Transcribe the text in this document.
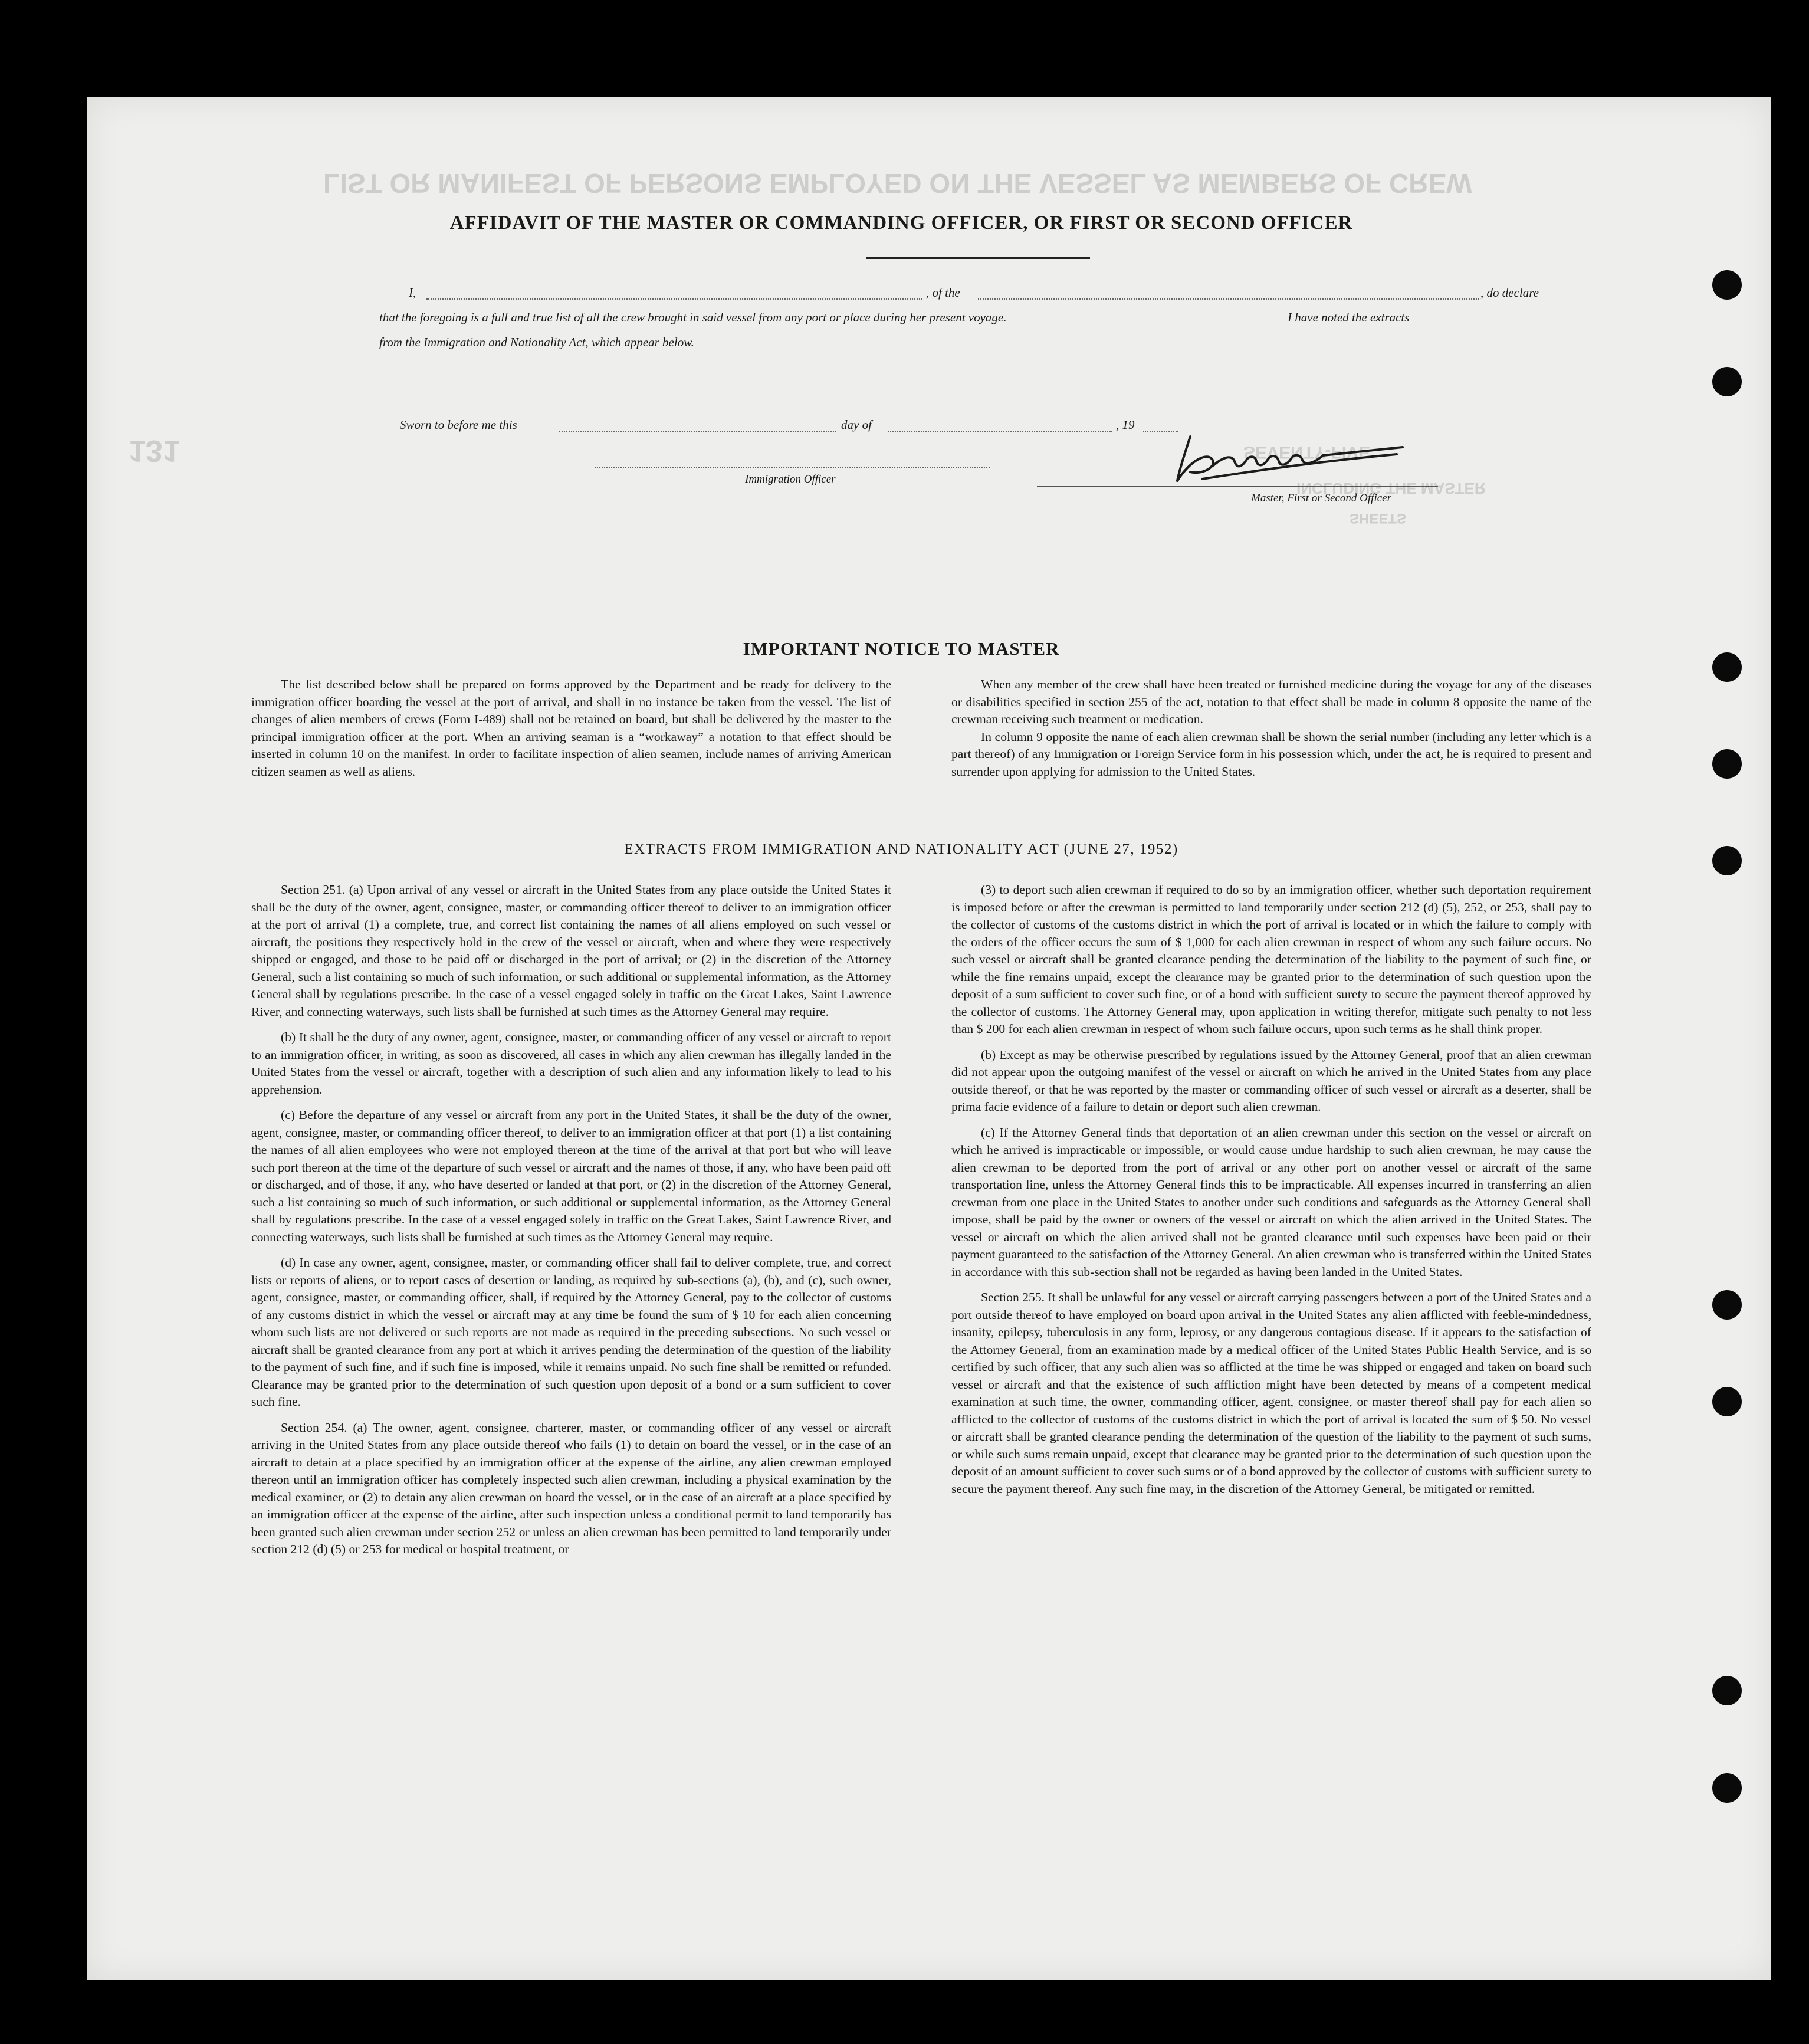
LIST OR MANIFEST OF PERSONS EMPLOYED ON THE VESSEL AS MEMBERS OF CREW
SEVENTY-FIVE
INCLUDING THE MASTER
SHEETS
131
AFFIDAVIT OF THE MASTER OR COMMANDING OFFICER, OR FIRST OR SECOND OFFICER
I,	, of the	, do declare
that the foregoing is a full and true list of all the crew brought in said vessel from any port or place during her present voyage.	I have noted the extracts
from the Immigration and Nationality Act, which appear below.
Master, First or Second Officer
Sworn to before me this	day of	, 19
Immigration Officer
IMPORTANT NOTICE TO MASTER

The list described below shall be prepared on forms approved by the Department and be ready for delivery to the immigration officer boarding the vessel at the port of arrival, and shall in no instance be taken from the vessel. The list of changes of alien members of crews (Form I-489) shall not be retained on board, but shall be delivered by the master to the principal immigration officer at the port. When an arriving seaman is a “workaway” a notation to that effect should be inserted in column 10 on the manifest. In order to facilitate inspection of alien seamen, include names of arriving American citizen seamen as well as aliens.

When any member of the crew shall have been treated or furnished medicine during the voyage for any of the diseases or disabilities specified in section 255 of the act, notation to that effect shall be made in column 8 opposite the name of the crewman receiving such treatment or medication.

In column 9 opposite the name of each alien crewman shall be shown the serial number (including any letter which is a part thereof) of any Immigration or Foreign Service form in his possession which, under the act, he is required to present and surrender upon applying for admission to the United States.

EXTRACTS FROM IMMIGRATION AND NATIONALITY ACT (JUNE 27, 1952)

Section 251. (a) Upon arrival of any vessel or aircraft in the United States from any place outside the United States it shall be the duty of the owner, agent, consignee, master, or commanding officer thereof to deliver to an immigration officer at the port of arrival (1) a complete, true, and correct list containing the names of all aliens employed on such vessel or aircraft, the positions they respectively hold in the crew of the vessel or aircraft, when and where they were respectively shipped or engaged, and those to be paid off or discharged in the port of arrival; or (2) in the discretion of the Attorney General, such a list containing so much of such information, or such additional or supplemental information, as the Attorney General shall by regulations prescribe. In the case of a vessel engaged solely in traffic on the Great Lakes, Saint Lawrence River, and connecting waterways, such lists shall be furnished at such times as the Attorney General may require.

(b) It shall be the duty of any owner, agent, consignee, master, or commanding officer of any vessel or aircraft to report to an immigration officer, in writing, as soon as discovered, all cases in which any alien crewman has illegally landed in the United States from the vessel or aircraft, together with a description of such alien and any information likely to lead to his apprehension.

(c) Before the departure of any vessel or aircraft from any port in the United States, it shall be the duty of the owner, agent, consignee, master, or commanding officer thereof, to deliver to an immigration officer at that port (1) a list containing the names of all alien employees who were not employed thereon at the time of the arrival at that port but who will leave such port thereon at the time of the departure of such vessel or aircraft and the names of those, if any, who have been paid off or discharged, and of those, if any, who have deserted or landed at that port, or (2) in the discretion of the Attorney General, such a list containing so much of such information, or such additional or supplemental information, as the Attorney General shall by regulations prescribe. In the case of a vessel engaged solely in traffic on the Great Lakes, Saint Lawrence River, and connecting waterways, such lists shall be furnished at such times as the Attorney General may require.

(d) In case any owner, agent, consignee, master, or commanding officer shall fail to deliver complete, true, and correct lists or reports of aliens, or to report cases of desertion or landing, as required by sub-sections (a), (b), and (c), such owner, agent, consignee, master, or commanding officer, shall, if required by the Attorney General, pay to the collector of customs of any customs district in which the vessel or aircraft may at any time be found the sum of $ 10 for each alien concerning whom such lists are not delivered or such reports are not made as required in the preceding subsections. No such vessel or aircraft shall be granted clearance from any port at which it arrives pending the determination of the question of the liability to the payment of such fine, and if such fine is imposed, while it remains unpaid. No such fine shall be remitted or refunded. Clearance may be granted prior to the determination of such question upon deposit of a bond or a sum sufficient to cover such fine.

Section 254. (a) The owner, agent, consignee, charterer, master, or commanding officer of any vessel or aircraft arriving in the United States from any place outside thereof who fails (1) to detain on board the vessel, or in the case of an aircraft to detain at a place specified by an immigration officer at the expense of the airline, any alien crewman employed thereon until an immigration officer has completely inspected such alien crewman, including a physical examination by the medical examiner, or (2) to detain any alien crewman on board the vessel, or in the case of an aircraft at a place specified by an immigration officer at the expense of the airline, after such inspection unless a conditional permit to land temporarily has been granted such alien crewman under section 252 or unless an alien crewman has been permitted to land temporarily under section 212 (d) (5) or 253 for medical or hospital treatment, or

(3) to deport such alien crewman if required to do so by an immigration officer, whether such deportation requirement is imposed before or after the crewman is permitted to land temporarily under section 212 (d) (5), 252, or 253, shall pay to the collector of customs of the customs district in which the port of arrival is located or in which the failure to comply with the orders of the officer occurs the sum of $ 1,000 for each alien crewman in respect of whom any such failure occurs. No such vessel or aircraft shall be granted clearance pending the determination of the liability to the payment of such fine, or while the fine remains unpaid, except the clearance may be granted prior to the determination of such question upon the deposit of a sum sufficient to cover such fine, or of a bond with sufficient surety to secure the payment thereof approved by the collector of customs. The Attorney General may, upon application in writing therefor, mitigate such penalty to not less than $ 200 for each alien crewman in respect of whom such failure occurs, upon such terms as he shall think proper.

(b) Except as may be otherwise prescribed by regulations issued by the Attorney General, proof that an alien crewman did not appear upon the outgoing manifest of the vessel or aircraft on which he arrived in the United States from any place outside thereof, or that he was reported by the master or commanding officer of such vessel or aircraft as a deserter, shall be prima facie evidence of a failure to detain or deport such alien crewman.

(c) If the Attorney General finds that deportation of an alien crewman under this section on the vessel or aircraft on which he arrived is impracticable or impossible, or would cause undue hardship to such alien crewman, he may cause the alien crewman to be deported from the port of arrival or any other port on another vessel or aircraft of the same transportation line, unless the Attorney General finds this to be impracticable. All expenses incurred in transferring an alien crewman from one place in the United States to another under such conditions and safeguards as the Attorney General shall impose, shall be paid by the owner or owners of the vessel or aircraft on which the alien arrived in the United States. The vessel or aircraft on which the alien arrived shall not be granted clearance until such expenses have been paid or their payment guaranteed to the satisfaction of the Attorney General. An alien crewman who is transferred within the United States in accordance with this sub-section shall not be regarded as having been landed in the United States.

Section 255. It shall be unlawful for any vessel or aircraft carrying passengers between a port of the United States and a port outside thereof to have employed on board upon arrival in the United States any alien afflicted with feeble-mindedness, insanity, epilepsy, tuberculosis in any form, leprosy, or any dangerous contagious disease. If it appears to the satisfaction of the Attorney General, from an examination made by a medical officer of the United States Public Health Service, and is so certified by such officer, that any such alien was so afflicted at the time he was shipped or engaged and taken on board such vessel or aircraft and that the existence of such affliction might have been detected by means of a competent medical examination at such time, the owner, commanding officer, agent, consignee, or master thereof shall pay for each alien so afflicted to the collector of customs of the customs district in which the port of arrival is located the sum of $ 50. No vessel or aircraft shall be granted clearance pending the determination of the question of the liability to the payment of such sums, or while such sums remain unpaid, except that clearance may be granted prior to the determination of such question upon the deposit of an amount sufficient to cover such sums or of a bond approved by the collector of customs with sufficient surety to secure the payment thereof. Any such fine may, in the discretion of the Attorney General, be mitigated or remitted.
